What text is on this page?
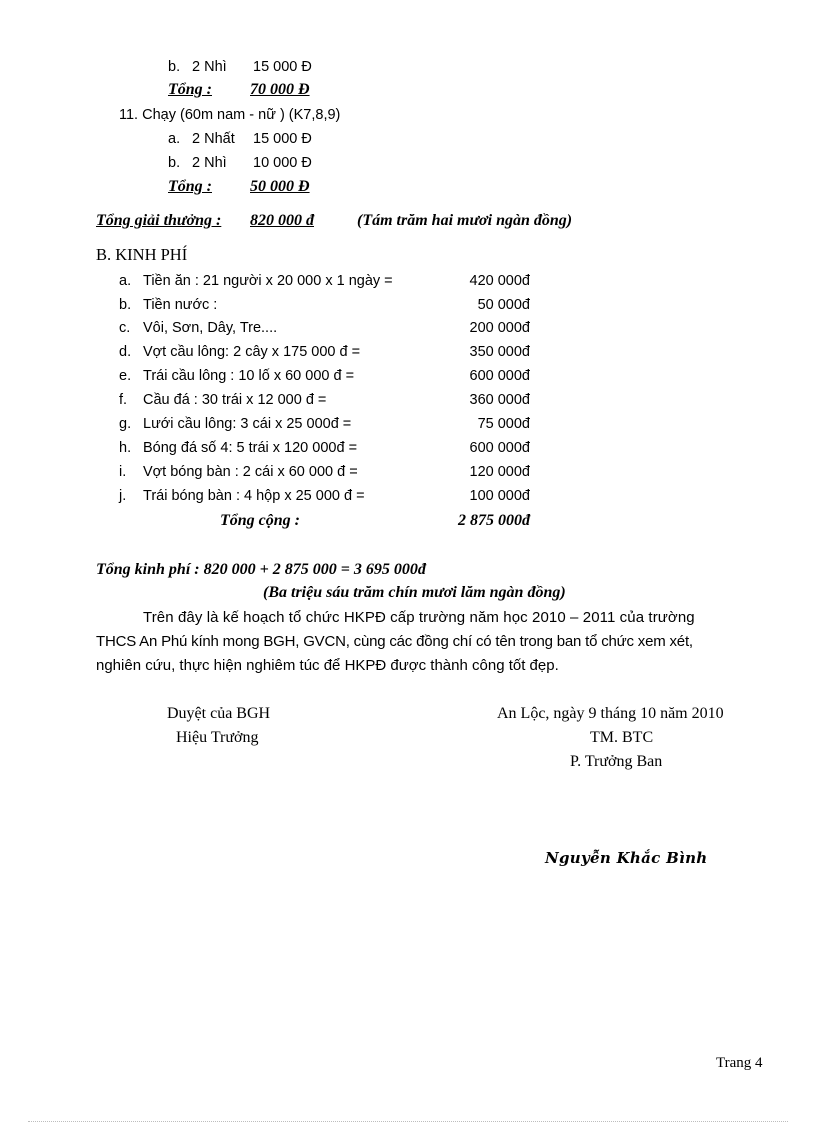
b. 2 Nhì 15 000 Đ
Tổng : 70 000 Đ
11. Chạy (60m nam - nữ ) (K7,8,9)
a. 2 Nhất 15 000 Đ
b. 2 Nhì 10 000 Đ
Tổng : 50 000 Đ
Tổng giải thưởng : 820 000 đ	(Tám trăm hai mươi ngàn đồng)
B. KINH PHÍ
a. Tiền ăn : 21 người x 20 000 x 1 ngày =	420 000đ
b. Tiền nước :	50 000đ
c. Vôi, Sơn, Dây, Tre....	200 000đ
d. Vợt cầu lông: 2 cây x 175 000 đ =	350 000đ
e. Trái cầu lông : 10 lố x 60 000 đ =	600 000đ
f. Cầu đá : 30 trái x 12 000 đ =	360 000đ
g. Lưới cầu lông: 3 cái x 25 000đ =	75 000đ
h. Bóng đá số 4: 5 trái x 120 000đ =	600 000đ
i. Vợt bóng bàn : 2 cái x 60 000 đ =	120 000đ
j. Trái bóng bàn : 4 hộp x 25 000 đ =	100 000đ
Tổng cộng :	2 875 000đ
Tổng kinh phí : 820 000 + 2 875 000 = 3 695 000đ
(Ba triệu sáu trăm chín mươi lăm ngàn đồng)
Trên đây là kế hoạch tổ chức HKPĐ cấp trường năm học 2010 – 2011 của trường
THCS An Phú kính mong BGH, GVCN, cùng các đồng chí có tên trong ban tổ chức xem xét,
nghiên cứu, thực hiện nghiêm túc để HKPĐ được thành công tốt đẹp.
Duyệt của BGH
Hiệu Trưởng
An Lộc, ngày 9 tháng 10 năm 2010
TM. BTC
P. Trưởng Ban
Nguyễn Khắc Bình
Trang 4
